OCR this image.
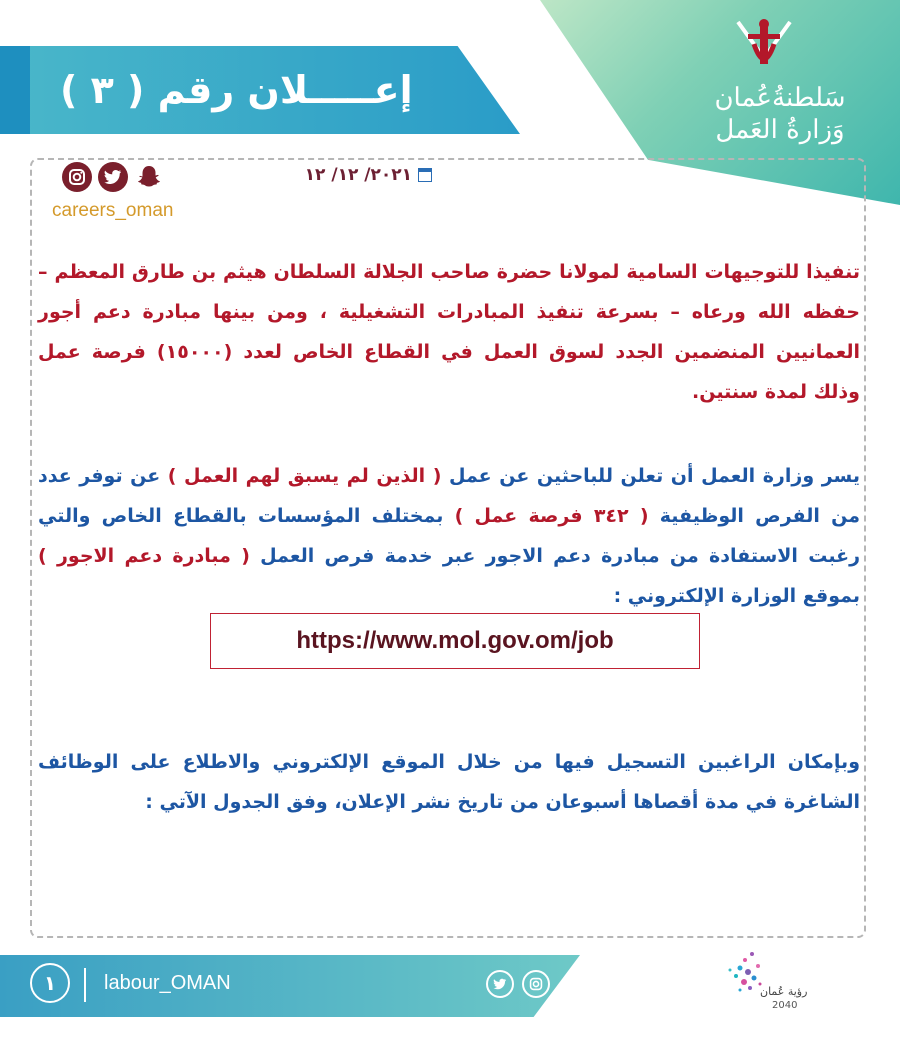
إعـــــلان رقم ( ٣ )	سَلطنةُعُمان
وَزارةُ العَمل
careers_oman
٢٠٢١/ ١٢/ ١٢
تنفيذا للتوجيهات السامية لمولانا حضرة صاحب الجلالة السلطان هيثم بن طارق المعظم – حفظه الله ورعاه – بسرعة تنفيذ المبادرات التشغيلية ، ومن بينها مبادرة دعم أجور العمانيين المنضمين الجدد لسوق العمل في القطاع الخاص لعدد (١٥٠٠٠) فرصة عمل وذلك لمدة سنتين.
يسر وزارة العمل أن تعلن للباحثين عن عمل ( الذين لم يسبق لهم العمل ) عن توفر عدد من الفرص الوظيفية ( ٣٤٢ فرصة عمل ) بمختلف المؤسسات بالقطاع الخاص والتي رغبت الاستفادة من مبادرة دعم الاجور عبر خدمة فرص العمل ( مبادرة دعم الاجور ) بموقع الوزارة الإلكتروني :
https://www.mol.gov.om/job
وبإمكان الراغبين التسجيل فيها من خلال الموقع الإلكتروني والاطلاع على الوظائف الشاغرة في مدة أقصاها أسبوعان من تاريخ نشر الإعلان، وفق الجدول الآتي :
١	labour_OMAN	رؤية عُمان
2040
